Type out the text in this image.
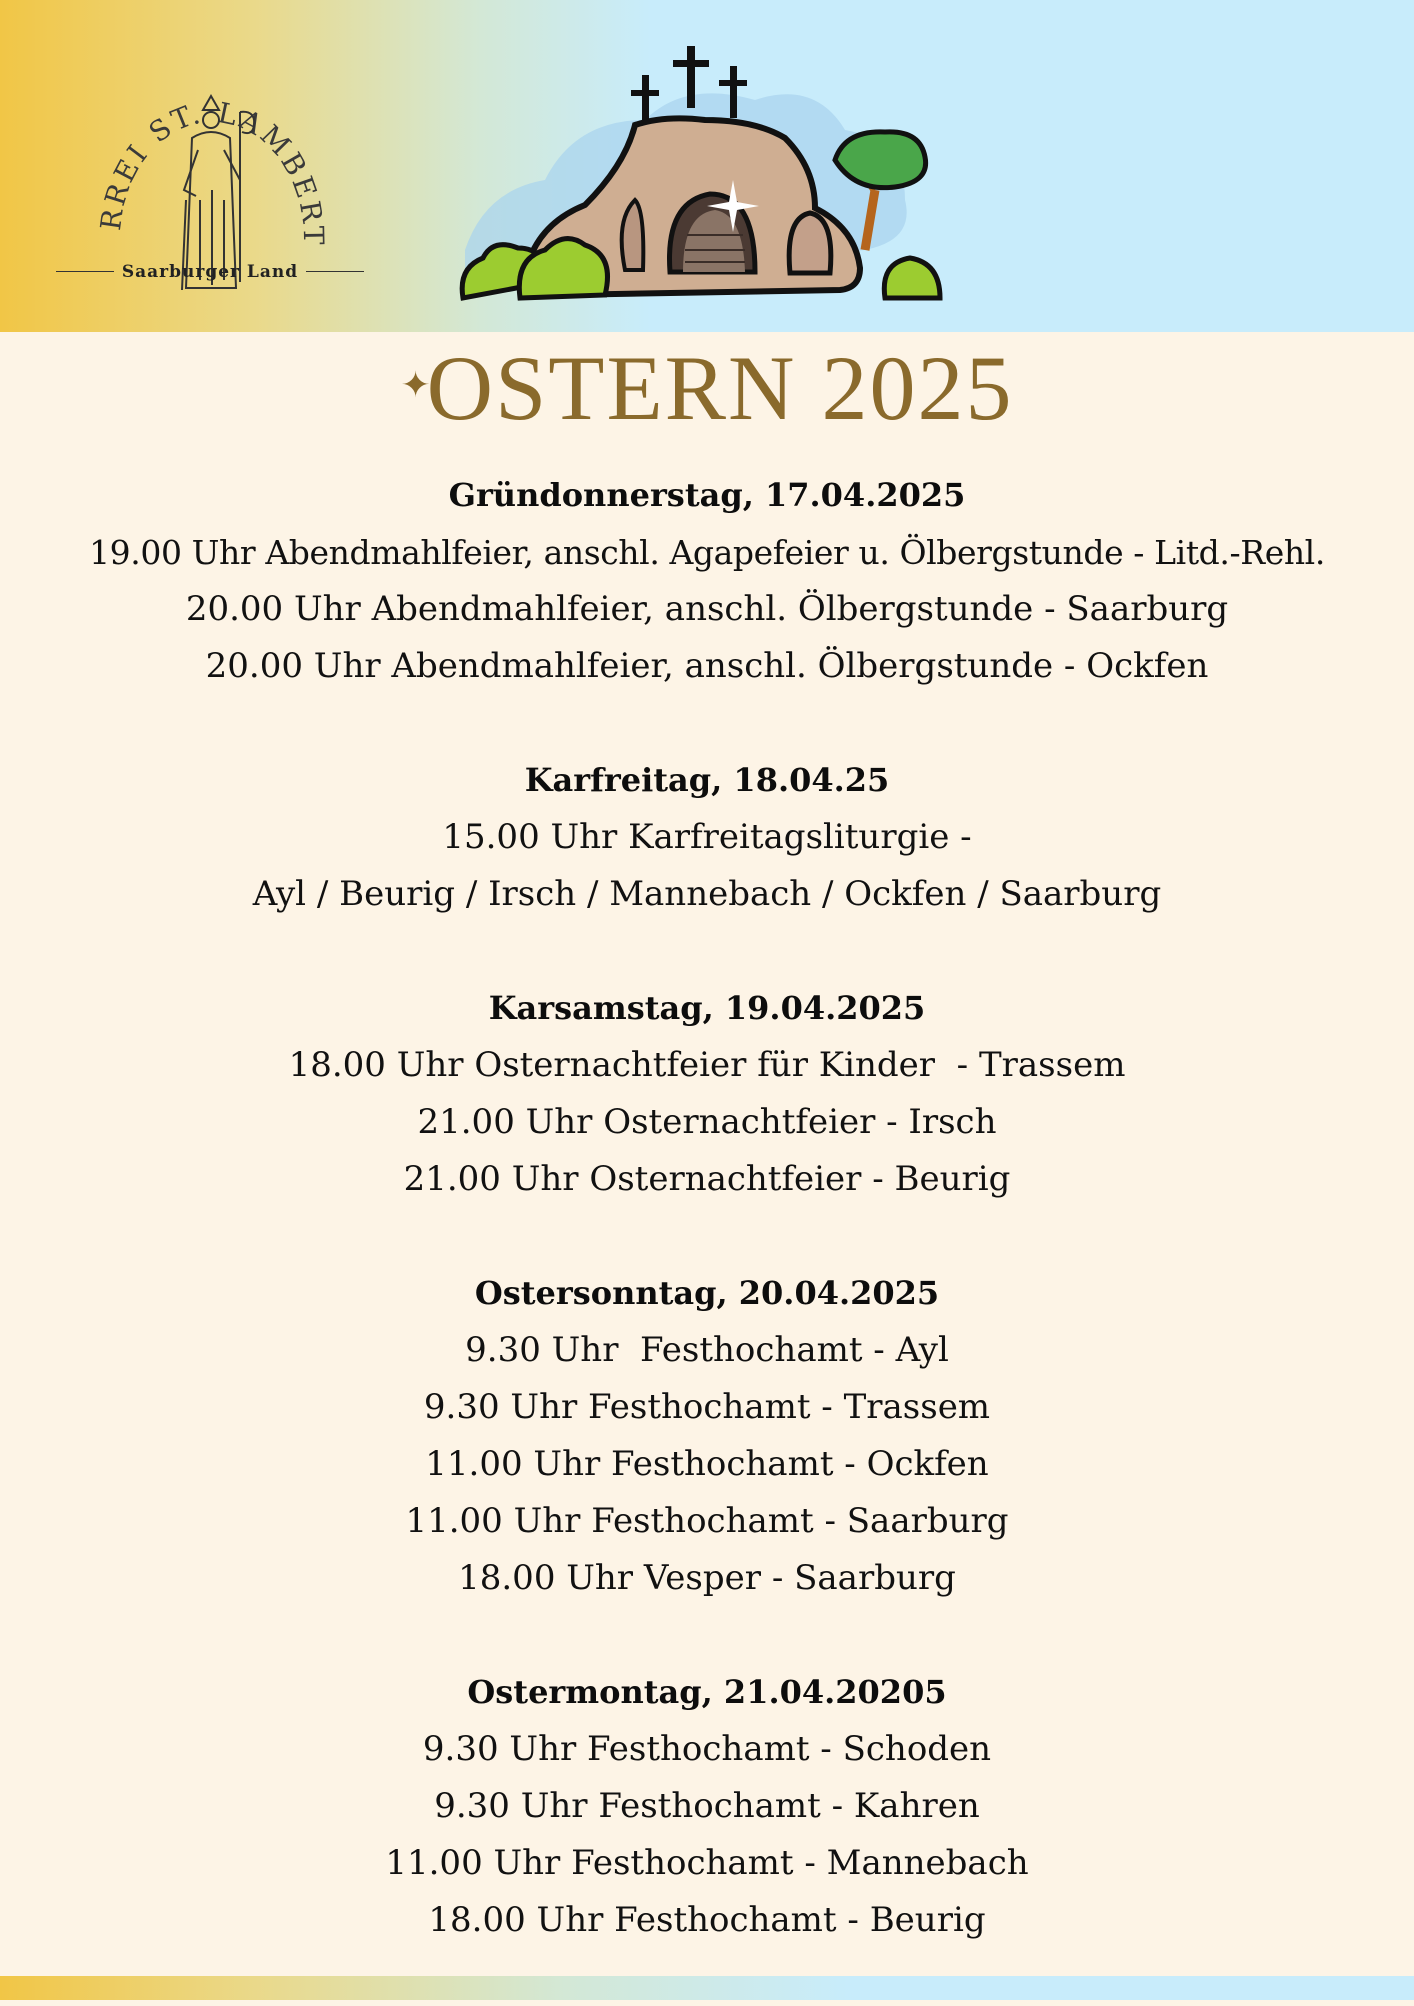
RREI ST. LAMBERT
Saarburger Land
✦OSTERN 2025
Gründonnerstag, 17.04.2025
19.00 Uhr Abendmahlfeier, anschl. Agapefeier u. Ölbergstunde - Litd.-Rehl.
20.00 Uhr Abendmahlfeier, anschl. Ölbergstunde - Saarburg
20.00 Uhr Abendmahlfeier, anschl. Ölbergstunde - Ockfen
Karfreitag, 18.04.25
15.00 Uhr Karfreitagsliturgie -
Ayl / Beurig / Irsch / Mannebach / Ockfen / Saarburg
Karsamstag, 19.04.2025
18.00 Uhr Osternachtfeier für Kinder  - Trassem
21.00 Uhr Osternachtfeier - Irsch
21.00 Uhr Osternachtfeier - Beurig
Ostersonntag, 20.04.2025
9.30 Uhr  Festhochamt - Ayl
9.30 Uhr Festhochamt - Trassem
11.00 Uhr Festhochamt - Ockfen
11.00 Uhr Festhochamt - Saarburg
18.00 Uhr Vesper - Saarburg
Ostermontag, 21.04.20205
9.30 Uhr Festhochamt - Schoden
9.30 Uhr Festhochamt - Kahren
11.00 Uhr Festhochamt - Mannebach
18.00 Uhr Festhochamt - Beurig
